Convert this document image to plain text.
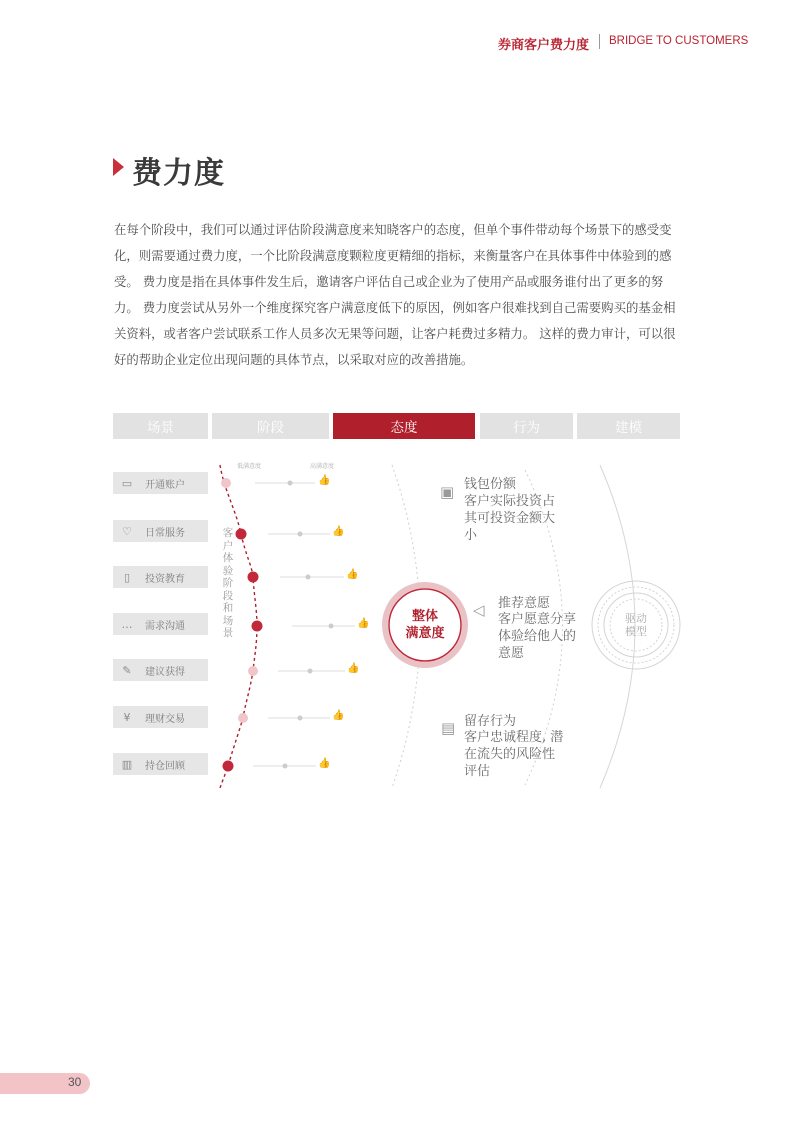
券商客户费力度 BRIDGE TO CUSTOMERS
费力度
在每个阶段中，我们可以通过评估阶段满意度来知晓客户的态度，但单个事件带动每个场景下的感受变化，则需要通过费力度，一个比阶段满意度颗粒度更精细的指标，来衡量客户在具体事件中体验到的感受。 费力度是指在具体事件发生后，邀请客户评估自己或企业为了使用产品或服务谁付出了更多的努力。 费力度尝试从另外一个维度探究客户满意度低下的原因，例如客户很难找到自己需要购买的基金相关资料，或者客户尝试联系工作人员多次无果等问题，让客户耗费过多精力。 这样的费力审计，可以很好的帮助企业定位出现问题的具体节点，以采取对应的改善措施。
场景	阶段	态度	行为	建模
低满意度	高满意度
👍
👍
👍
👍
👍
👍
👍
▭ 开通账户
♡	日常服务
▯	投资教育
… 需求沟通
✎	建议获得
¥	理财交易
▥ 持仓回顾
客户体验阶段和场景
整体
满意度
驱动
模型
▣ 钱包份额
客户实际投资占
其可投资金额大
小
◁ 推荐意愿
客户愿意分享
体验给他人的
意愿
▤ 留存行为
客户忠诚程度, 潜
在流失的风险性
评估
30
